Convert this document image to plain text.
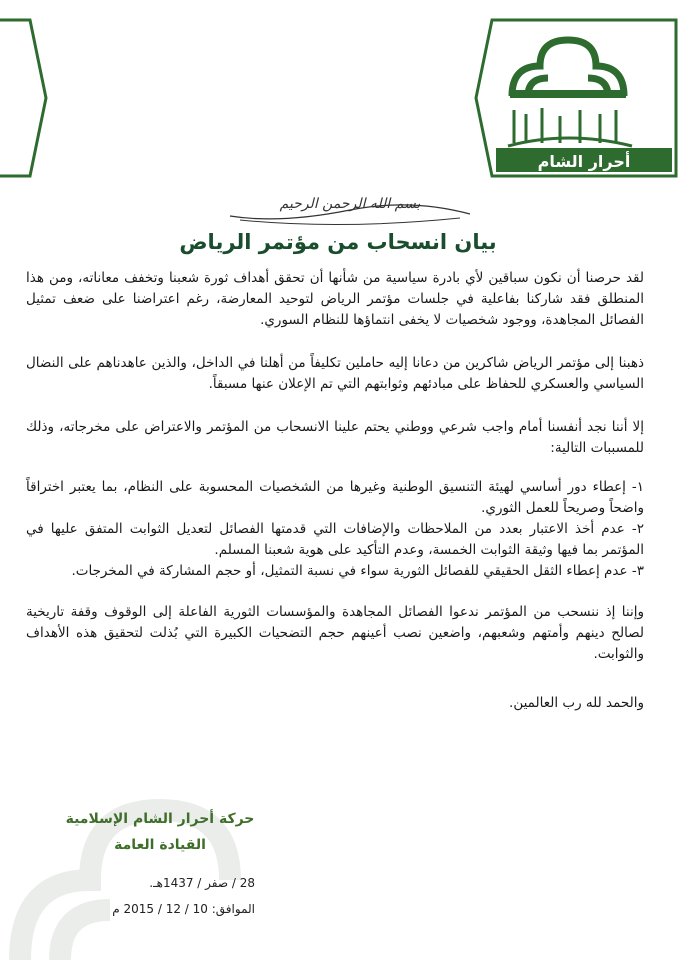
أحرار الشام
بسم الله الرحمن الرحيم
بيان انسحاب من مؤتمر الرياض

لقد حرصنا أن نكون سباقين لأي بادرة سياسية من شأنها أن تحقق أهداف ثورة شعبنا وتخفف معاناته، ومن هذا المنطلق فقد شاركنا بفاعلية في جلسات مؤتمر الرياض لتوحيد المعارضة، رغم اعتراضنا على ضعف تمثيل الفصائل المجاهدة، ووجود شخصيات لا يخفى انتماؤها للنظام السوري.

ذهبنا إلى مؤتمر الرياض شاكرين من دعانا إليه حاملين تكليفاً من أهلنا في الداخل، والذين عاهدناهم على النضال السياسي والعسكري للحفاظ على مبادئهم وثوابتهم التي تم الإعلان عنها مسبقاً.

إلا أننا نجد أنفسنا أمام واجب شرعي ووطني يحتم علينا الانسحاب من المؤتمر والاعتراض على مخرجاته، وذلك للمسببات التالية:

١- إعطاء دور أساسي لهيئة التنسيق الوطنية وغيرها من الشخصيات المحسوبة على النظام، بما يعتبر اختراقاً واضحاً وصريحاً للعمل الثوري.

٢- عدم أخذ الاعتبار بعدد من الملاحظات والإضافات التي قدمتها الفصائل لتعديل الثوابت المتفق عليها في المؤتمر بما فيها وثيقة الثوابت الخمسة، وعدم التأكيد على هوية شعبنا المسلم.

٣- عدم إعطاء الثقل الحقيقي للفصائل الثورية سواء في نسبة التمثيل، أو حجم المشاركة في المخرجات.

وإننا إذ ننسحب من المؤتمر ندعوا الفصائل المجاهدة والمؤسسات الثورية الفاعلة إلى الوقوف وقفة تاريخية لصالح دينهم وأمتهم وشعبهم، واضعين نصب أعينهم حجم التضحيات الكبيرة التي بُذلت لتحقيق هذه الأهداف والثوابت.

والحمد لله رب العالمين.

حركة أحرار الشام الإسلامية
القيادة العامة
28 / صفر / 1437هـ.
الموافق: 10 / 12 / 2015 م
